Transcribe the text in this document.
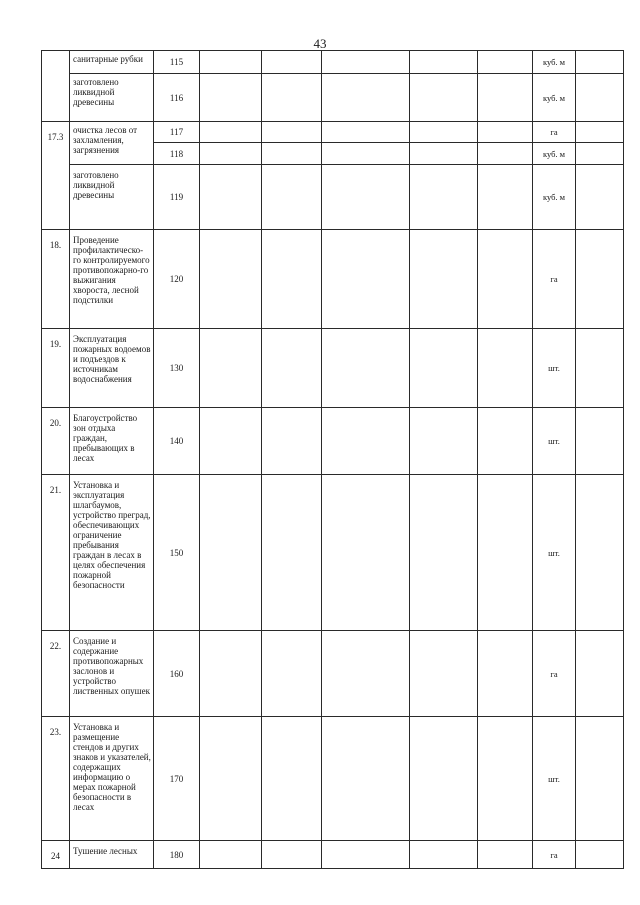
43
	санитарные рубки	115						куб. м	
	заготовлено ликвидной древесины	116						куб. м	
17.3	очистка лесов от захламления, загрязнения	117						га	
		118						куб. м	
	заготовлено ликвидной древесины	119						куб. м	
18.	Проведение профилактическо-го контролируемого противопожарно-го выжигания хвороста, лесной подстилки	120						га	
19.	Эксплуатация пожарных водоемов и подъездов к источникам водоснабжения	130						шт.	
20.	Благоустройство зон отдыха граждан, пребывающих в лесах	140						шт.	
21.	Установка и эксплуатация шлагбаумов, устройство преград, обеспечивающих ограничение пребывания граждан в лесах в целях обеспечения пожарной безопасности	150						шт.	
22.	Создание и содержание противопожарных заслонов и устройство лиственных опушек	160						га	
23.	Установка и размещение стендов и других знаков и указателей, содержащих информацию о мерах пожарной безопасности в лесах	170						шт.	
24	Тушение лесных	180						га	
